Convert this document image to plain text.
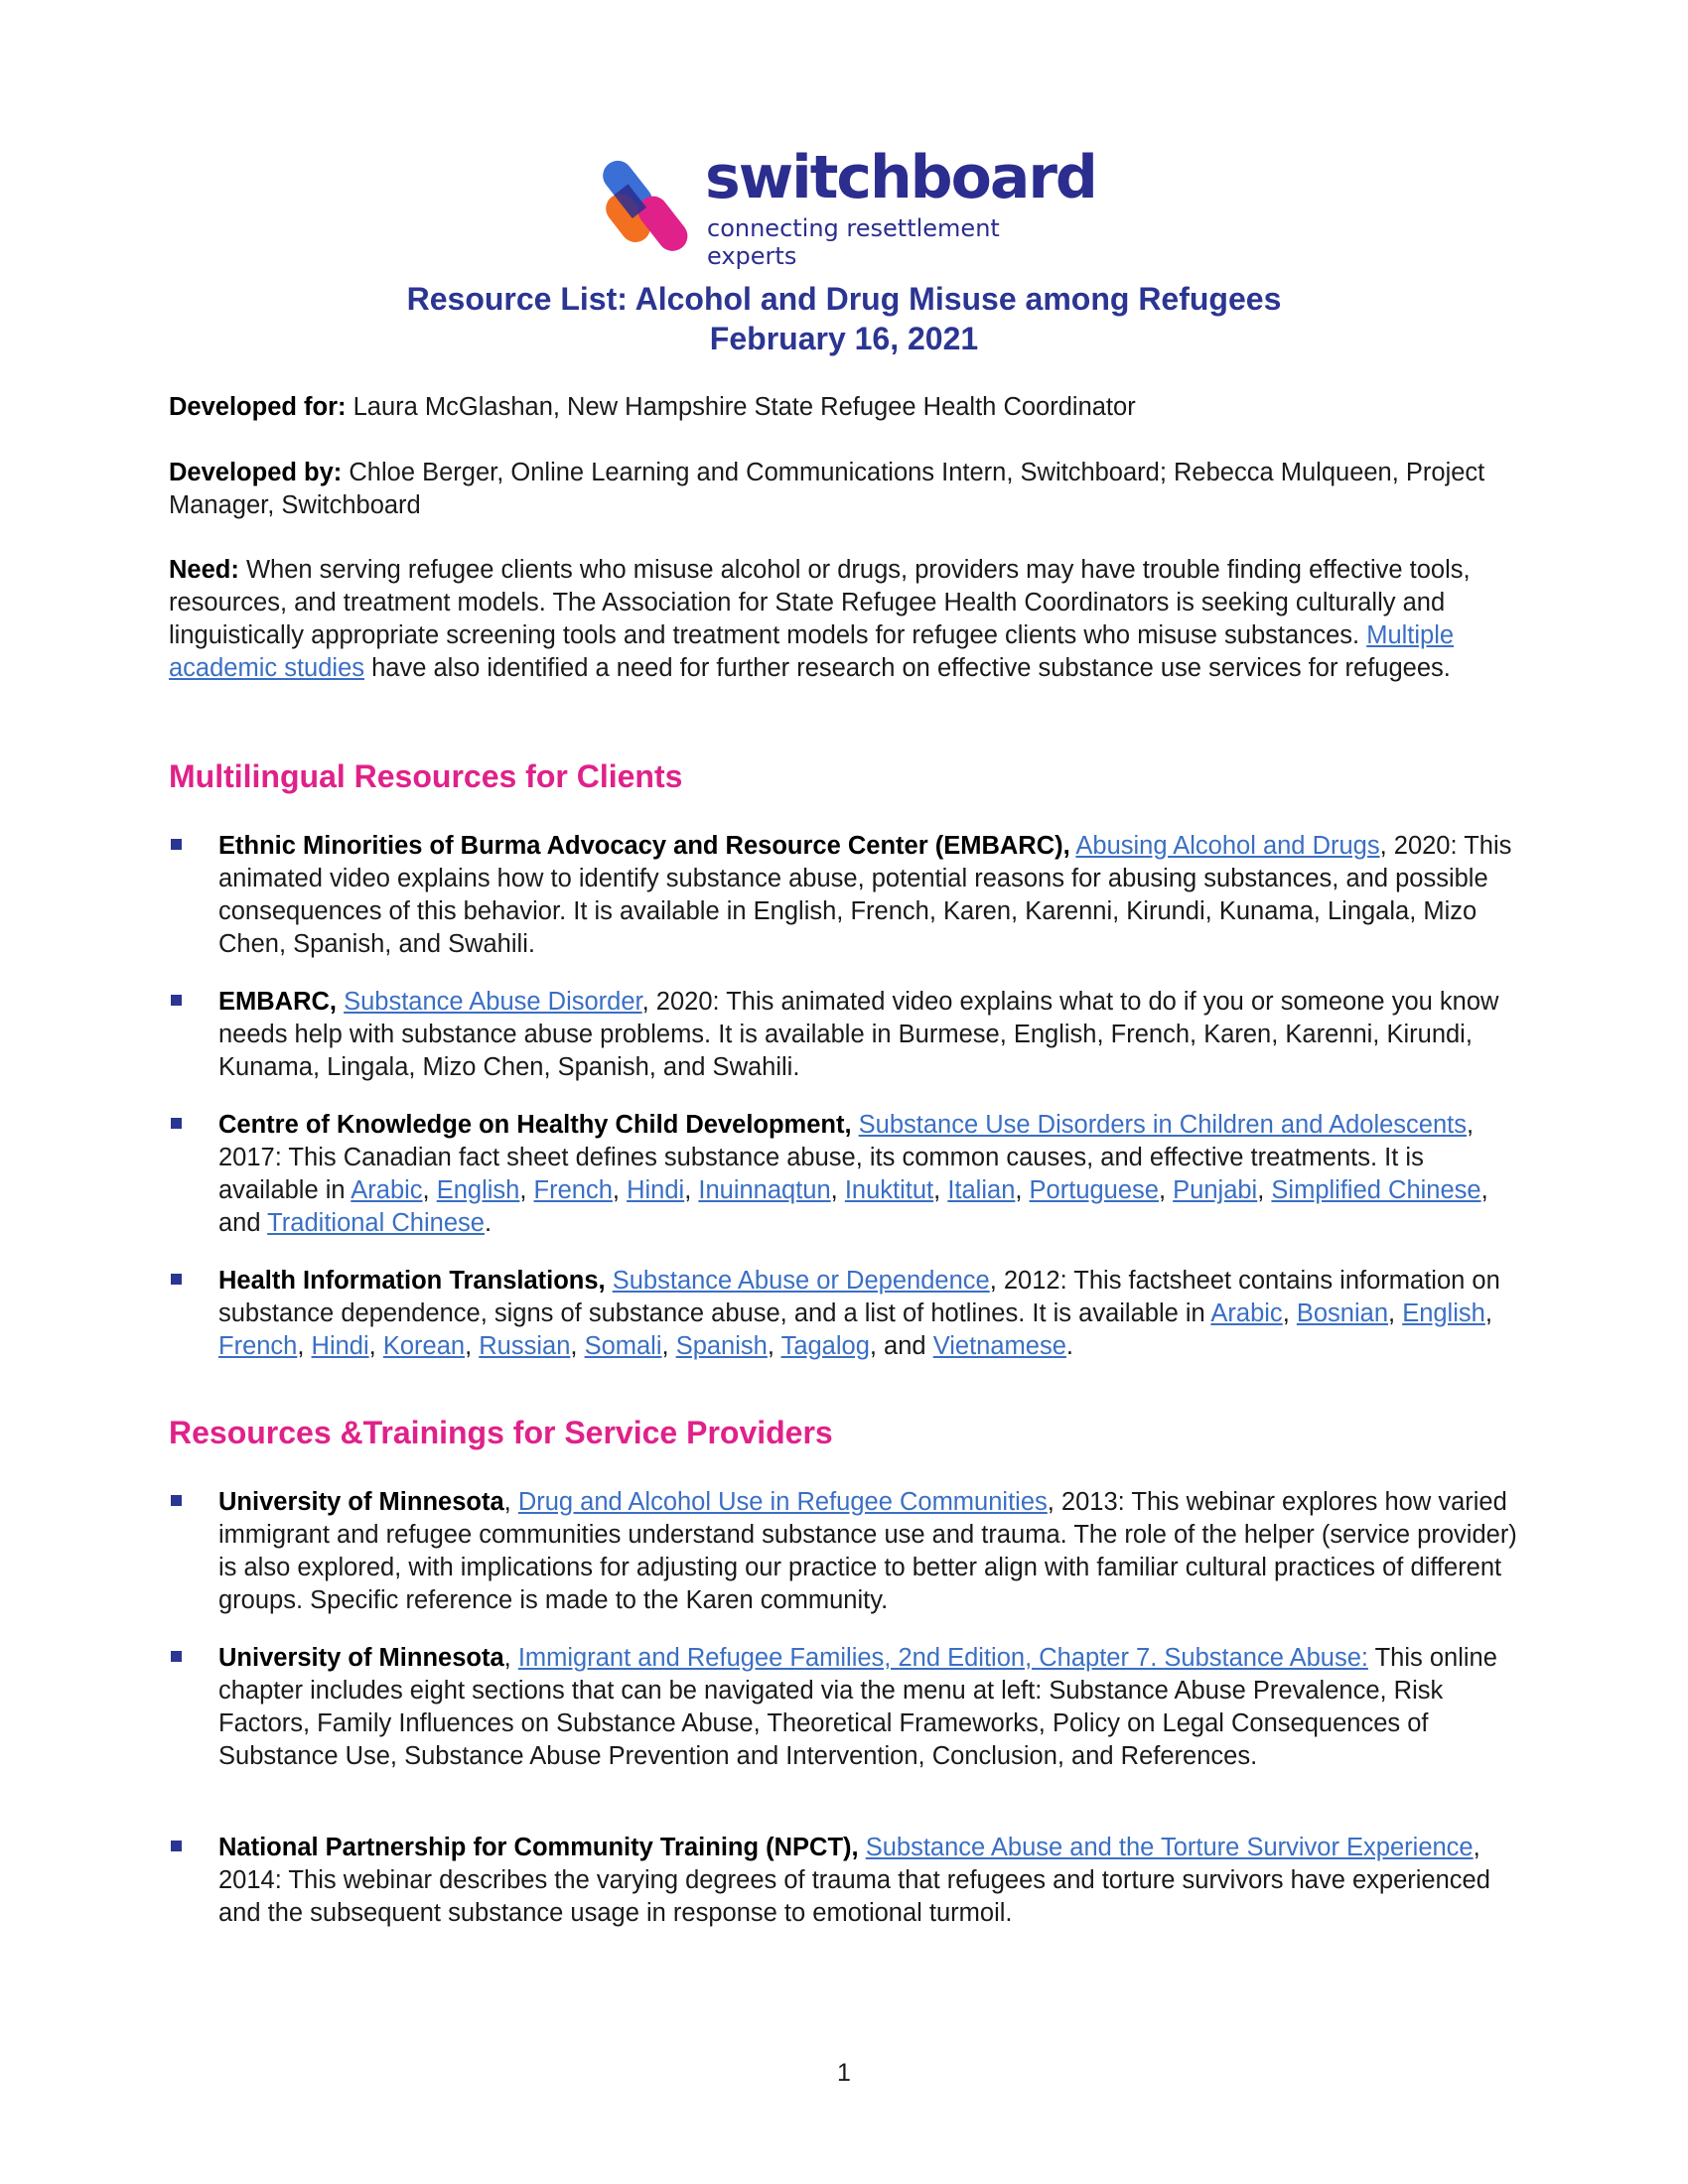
switchboard
connecting resettlement experts
Resource List: Alcohol and Drug Misuse among Refugees
February 16, 2021
Developed for: Laura McGlashan, New Hampshire State Refugee Health Coordinator
Developed by: Chloe Berger, Online Learning and Communications Intern, Switchboard; Rebecca Mulqueen, Project Manager, Switchboard
Need: When serving refugee clients who misuse alcohol or drugs, providers may have trouble finding effective tools, resources, and treatment models. The Association for State Refugee Health Coordinators is seeking culturally and linguistically appropriate screening tools and treatment models for refugee clients who misuse substances. Multiple academic studies have also identified a need for further research on effective substance use services for refugees.
Multilingual Resources for Clients
Ethnic Minorities of Burma Advocacy and Resource Center (EMBARC), Abusing Alcohol and Drugs, 2020: This animated video explains how to identify substance abuse, potential reasons for abusing substances, and possible consequences of this behavior. It is available in English, French, Karen, Karenni, Kirundi, Kunama, Lingala, Mizo Chen, Spanish, and Swahili.
EMBARC, Substance Abuse Disorder, 2020: This animated video explains what to do if you or someone you know needs help with substance abuse problems. It is available in Burmese, English, French, Karen, Karenni, Kirundi, Kunama, Lingala, Mizo Chen, Spanish, and Swahili.
Centre of Knowledge on Healthy Child Development, Substance Use Disorders in Children and Adolescents, 2017: This Canadian fact sheet defines substance abuse, its common causes, and effective treatments. It is available in Arabic, English, French, Hindi, Inuinnaqtun, Inuktitut, Italian, Portuguese, Punjabi, Simplified Chinese, and Traditional Chinese.
Health Information Translations, Substance Abuse or Dependence, 2012: This factsheet contains information on substance dependence, signs of substance abuse, and a list of hotlines. It is available in Arabic, Bosnian, English, French, Hindi, Korean, Russian, Somali, Spanish, Tagalog, and Vietnamese.
Resources &Trainings for Service Providers
University of Minnesota, Drug and Alcohol Use in Refugee Communities, 2013: This webinar explores how varied immigrant and refugee communities understand substance use and trauma. The role of the helper (service provider) is also explored, with implications for adjusting our practice to better align with familiar cultural practices of different groups. Specific reference is made to the Karen community.
University of Minnesota, Immigrant and Refugee Families, 2nd Edition, Chapter 7. Substance Abuse: This online chapter includes eight sections that can be navigated via the menu at left: Substance Abuse Prevalence, Risk Factors, Family Influences on Substance Abuse, Theoretical Frameworks, Policy on Legal Consequences of Substance Use, Substance Abuse Prevention and Intervention, Conclusion, and References.
National Partnership for Community Training (NPCT), Substance Abuse and the Torture Survivor Experience, 2014: This webinar describes the varying degrees of trauma that refugees and torture survivors have experienced and the subsequent substance usage in response to emotional turmoil.
1
